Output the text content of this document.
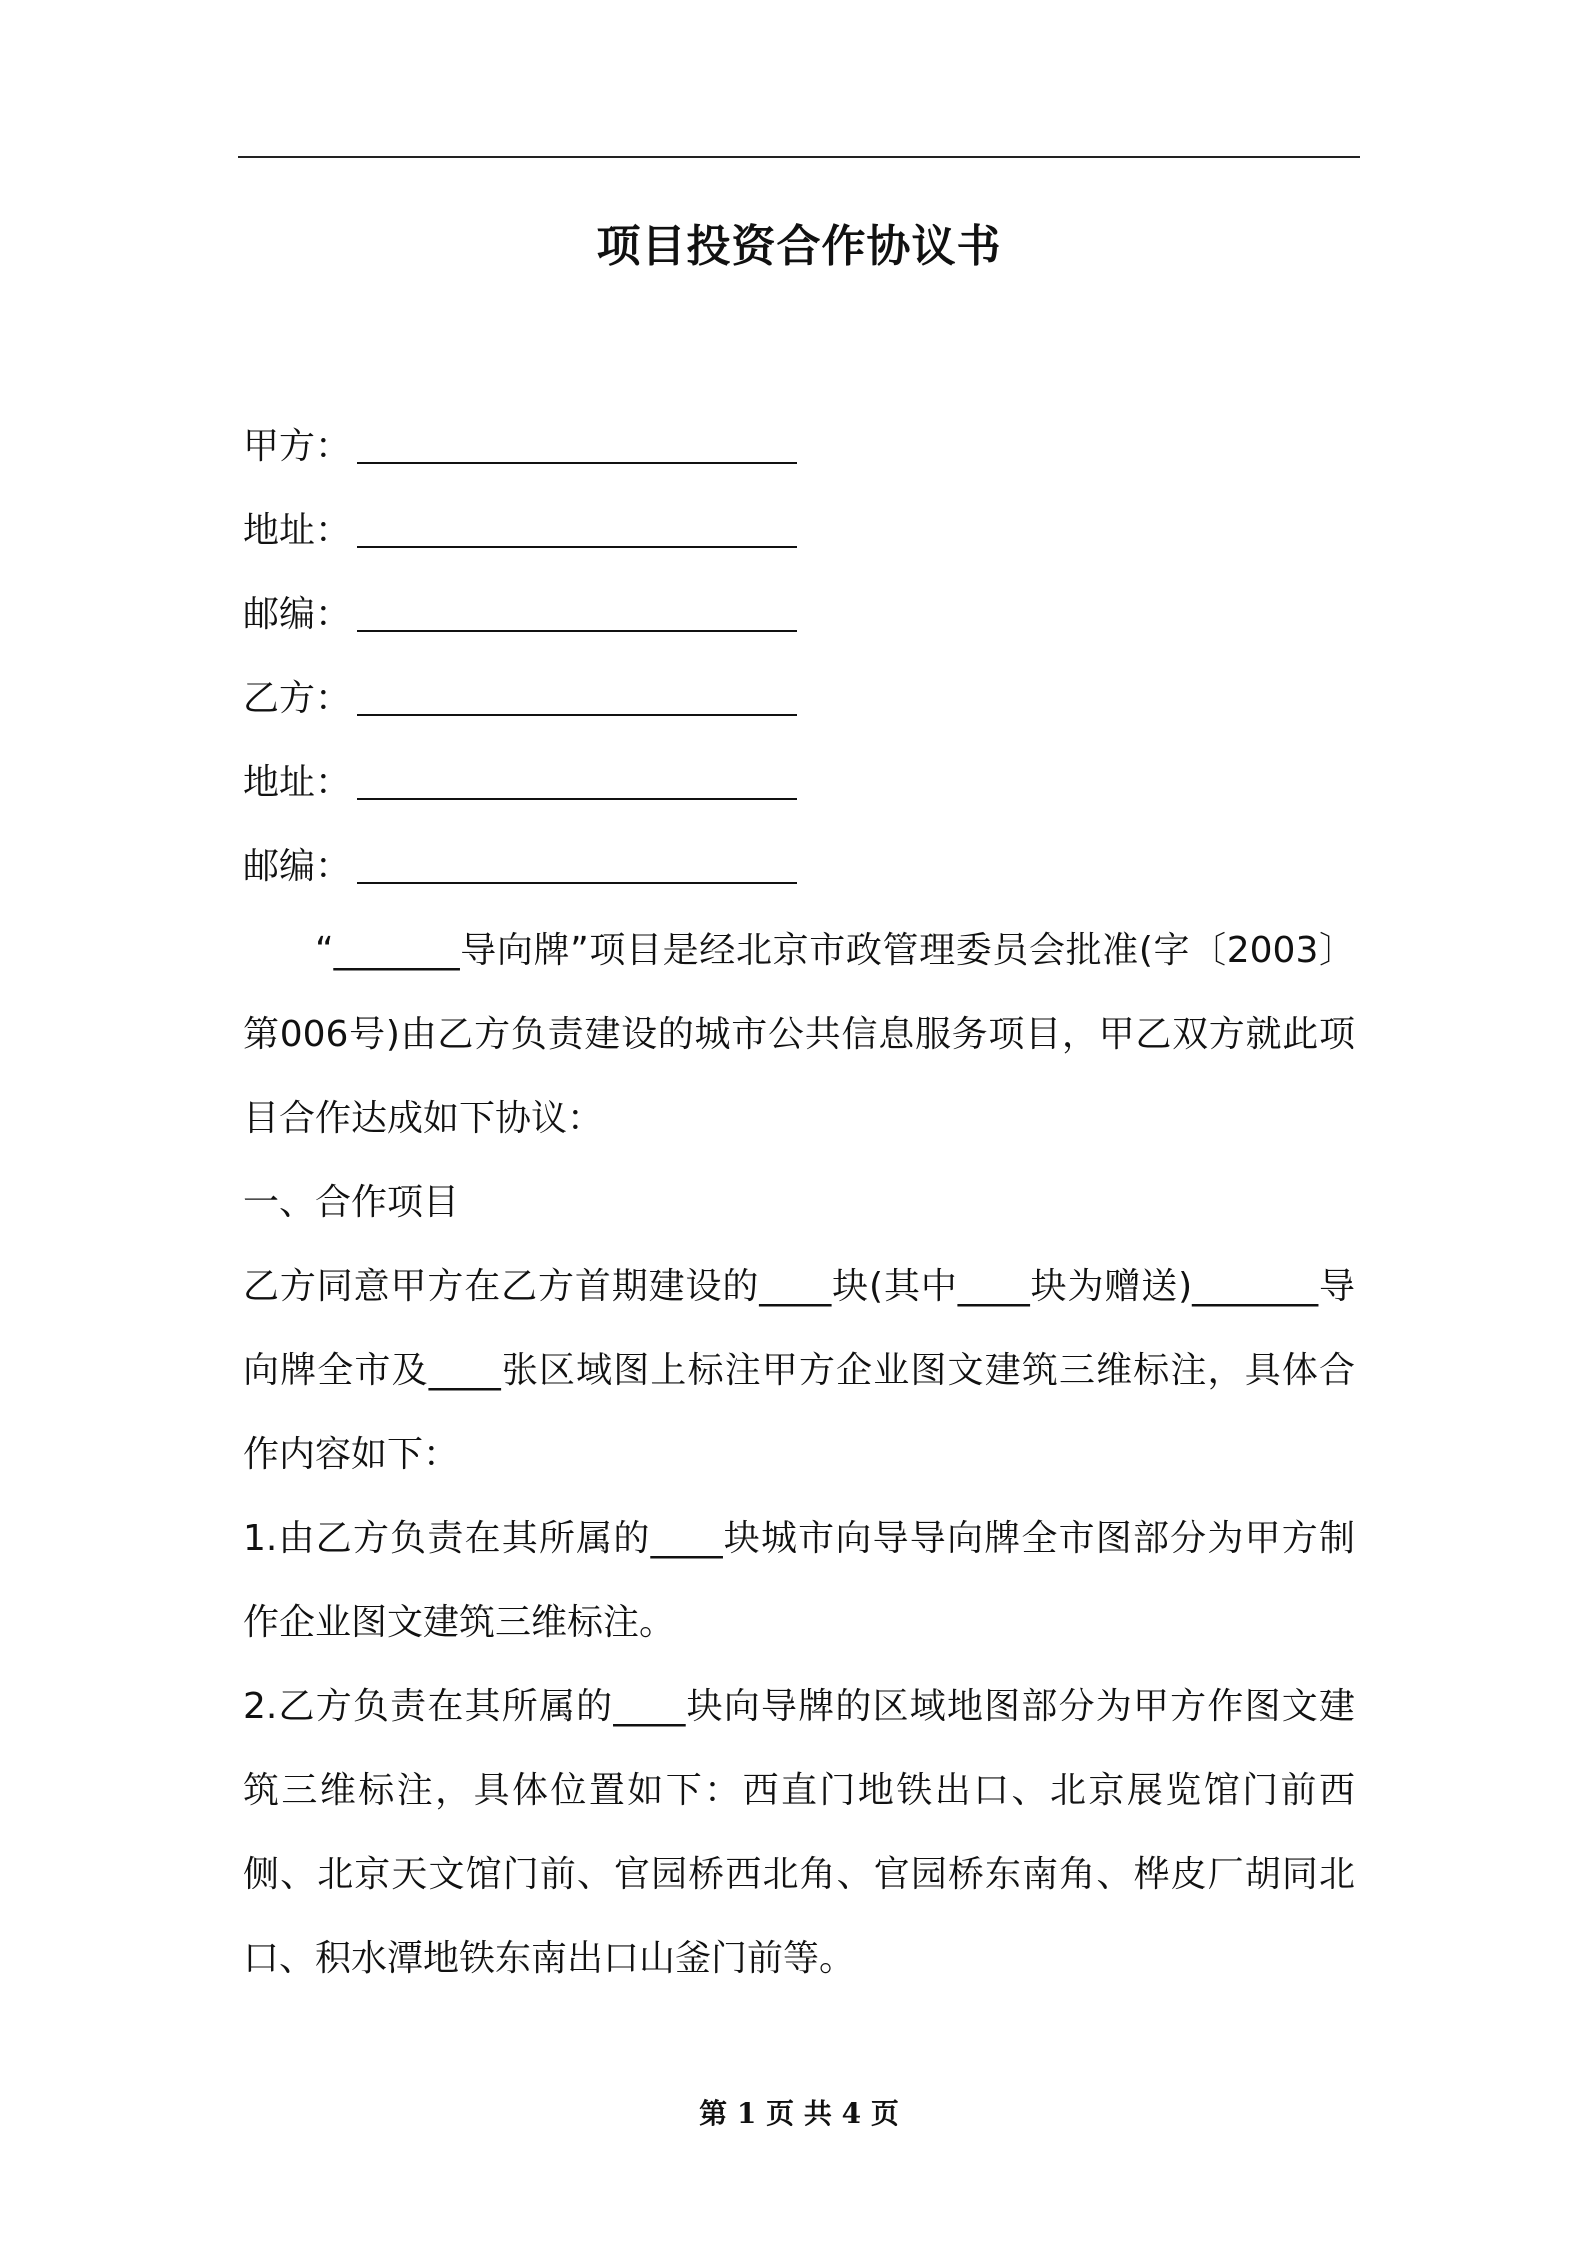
项目投资合作协议书
甲方：
地址：
邮编：
乙方：
地址：
邮编：

“_______导向牌”项目是经北京市政管理委员会批准(字〔2003〕第006号)由乙方负责建设的城市公共信息服务项目，甲乙双方就此项目合作达成如下协议：

一、合作项目

乙方同意甲方在乙方首期建设的____块(其中____块为赠送)_______导向牌全市及____张区域图上标注甲方企业图文建筑三维标注，具体合作内容如下：

1.由乙方负责在其所属的____块城市向导导向牌全市图部分为甲方制作企业图文建筑三维标注。

2.乙方负责在其所属的____块向导牌的区域地图部分为甲方作图文建筑三维标注，具体位置如下：西直门地铁出口、北京展览馆门前西侧、北京天文馆门前、官园桥西北角、官园桥东南角、桦皮厂胡同北口、积水潭地铁东南出口山釜门前等。

第 1 页 共 4 页
